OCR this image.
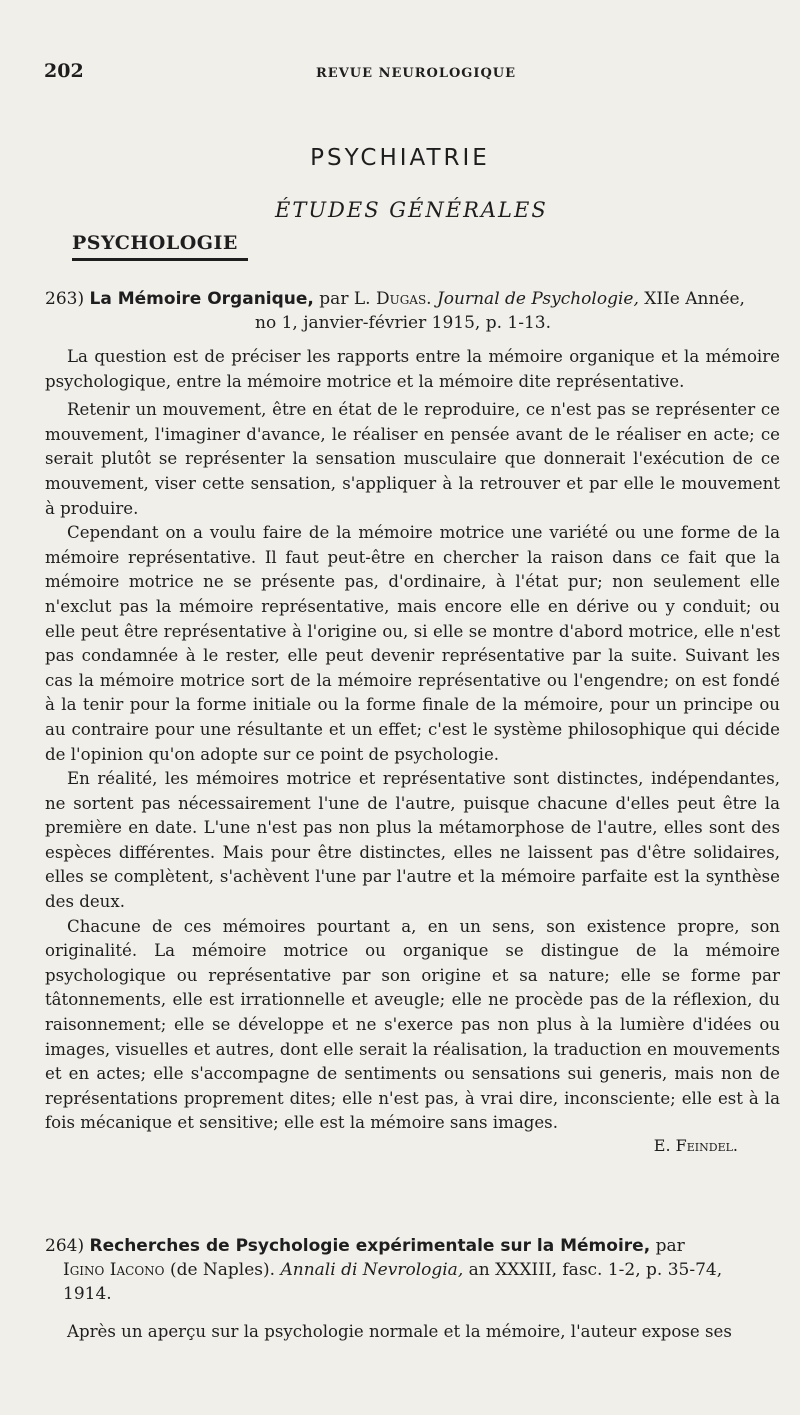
202	REVUE NEUROLOGIQUE
PSYCHIATRIE
ÉTUDES GÉNÉRALES
PSYCHOLOGIE
263) La Mémoire Organique, par L. Dugas. Journal de Psychologie, XIIe Année,
no 1, janvier-février 1915, p. 1-13.

La question est de préciser les rapports entre la mémoire organique et la mémoire psychologique, entre la mémoire motrice et la mémoire dite représentative.

Retenir un mouvement, être en état de le reproduire, ce n'est pas se représenter ce mouvement, l'imaginer d'avance, le réaliser en pensée avant de le réaliser en acte; ce serait plutôt se représenter la sensation musculaire que donnerait l'exécution de ce mouvement, viser cette sensation, s'appliquer à la retrouver et par elle le mouvement à produire.

Cependant on a voulu faire de la mémoire motrice une variété ou une forme de la mémoire représentative. Il faut peut-être en chercher la raison dans ce fait que la mémoire motrice ne se présente pas, d'ordinaire, à l'état pur; non seulement elle n'exclut pas la mémoire représentative, mais encore elle en dérive ou y conduit; ou elle peut être représentative à l'origine ou, si elle se montre d'abord motrice, elle n'est pas condamnée à le rester, elle peut devenir représentative par la suite. Suivant les cas la mémoire motrice sort de la mémoire représentative ou l'engendre; on est fondé à la tenir pour la forme initiale ou la forme finale de la mémoire, pour un principe ou au contraire pour une résultante et un effet; c'est le système philosophique qui décide de l'opinion qu'on adopte sur ce point de psychologie.

En réalité, les mémoires motrice et représentative sont distinctes, indépendantes, ne sortent pas nécessairement l'une de l'autre, puisque chacune d'elles peut être la première en date. L'une n'est pas non plus la métamorphose de l'autre, elles sont des espèces différentes. Mais pour être distinctes, elles ne laissent pas d'être solidaires, elles se complètent, s'achèvent l'une par l'autre et la mémoire parfaite est la synthèse des deux.

Chacune de ces mémoires pourtant a, en un sens, son existence propre, son originalité. La mémoire motrice ou organique se distingue de la mémoire psychologique ou représentative par son origine et sa nature; elle se forme par tâtonnements, elle est irrationnelle et aveugle; elle ne procède pas de la réflexion, du raisonnement; elle se développe et ne s'exerce pas non plus à la lumière d'idées ou images, visuelles et autres, dont elle serait la réalisation, la traduction en mouvements et en actes; elle s'accompagne de sentiments ou sensations sui generis, mais non de représentations proprement dites; elle n'est pas, à vrai dire, inconsciente; elle est à la fois mécanique et sensitive; elle est la mémoire sans images.

E. Feindel.
264) Recherches de Psychologie expérimentale sur la Mémoire, par
Igino Iacono (de Naples). Annali di Nevrologia, an XXXIII, fasc. 1-2, p. 35-74,
1914.

Après un aperçu sur la psychologie normale et la mémoire, l'auteur expose ses
